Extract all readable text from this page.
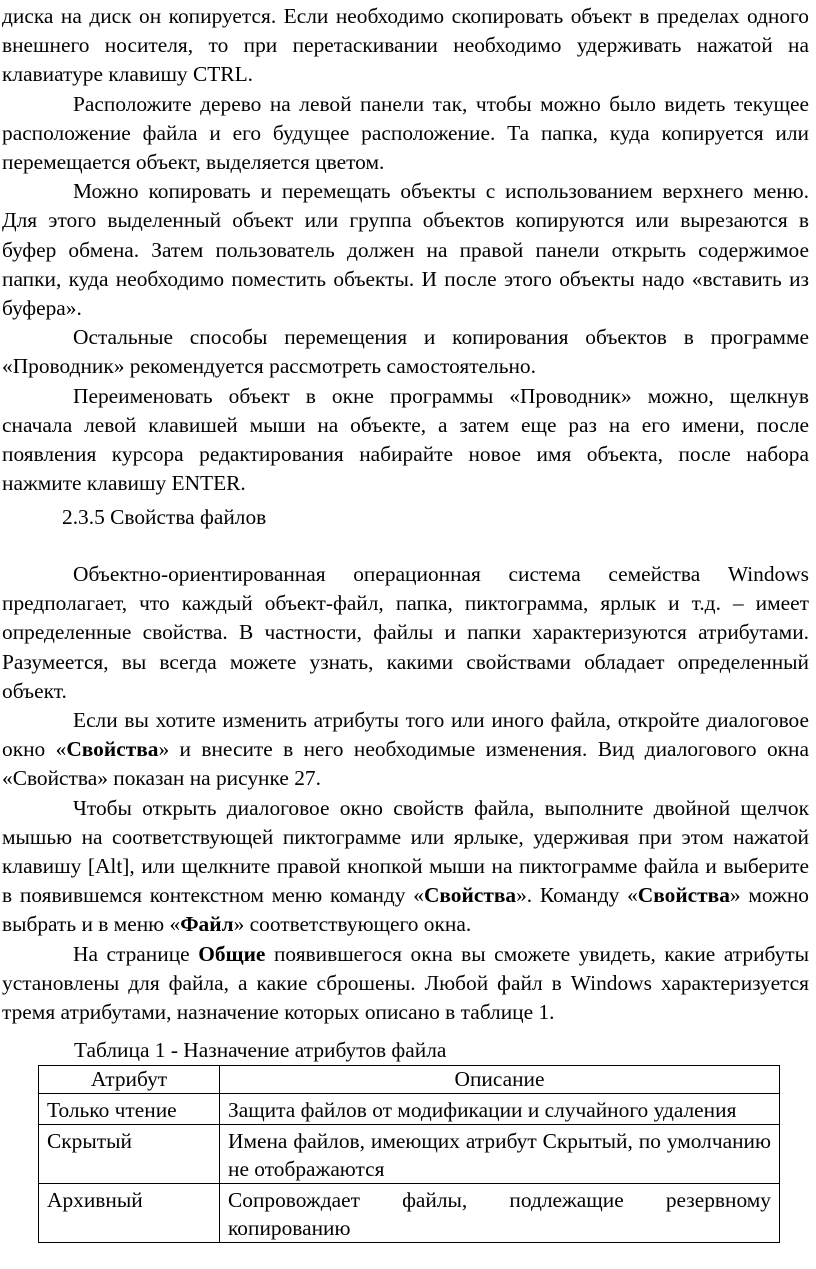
диска на диск он копируется. Если необходимо скопировать объект в пределах одного внешнего носителя, то при перетаскивании необходимо удерживать нажатой на клавиатуре клавишу CTRL.

Расположите дерево на левой панели так, чтобы можно было видеть текущее расположение файла и его будущее расположение. Та папка, куда копируется или перемещается объект, выделяется цветом.

Можно копировать и перемещать объекты с использованием верхнего меню. Для этого выделенный объект или группа объектов копируются или вырезаются в буфер обмена. Затем пользователь должен на правой панели открыть содержимое папки, куда необходимо поместить объекты. И после этого объекты надо «вставить из буфера».

Остальные способы перемещения и копирования объектов в программе «Проводник» рекомендуется рассмотреть самостоятельно.

Переименовать объект в окне программы «Проводник» можно, щелкнув сначала левой клавишей мыши на объекте, а затем еще раз на его имени, после появления курсора редактирования набирайте новое имя объекта, после набора нажмите клавишу ENTER.

2.3.5 Свойства файлов

Объектно-ориентированная операционная система семейства Windows предполагает, что каждый объект-файл, папка, пиктограмма, ярлык и т.д. – имеет определенные свойства. В частности, файлы и папки характеризуются атрибутами. Разумеется, вы всегда можете узнать, какими свойствами обладает определенный объект.

Если вы хотите изменить атрибуты того или иного файла, откройте диалоговое окно «Свойства» и внесите в него необходимые изменения. Вид диалогового окна «Свойства» показан на рисунке 27.

Чтобы открыть диалоговое окно свойств файла, выполните двойной щелчок мышью на соответствующей пиктограмме или ярлыке, удерживая при этом нажатой клавишу [Alt], или щелкните правой кнопкой мыши на пиктограмме файла и выберите в появившемся контекстном меню команду «Свойства». Команду «Свойства» можно выбрать и в меню «Файл» соответствующего окна.

На странице Общие появившегося окна вы сможете увидеть, какие атрибуты установлены для файла, а какие сброшены. Любой файл в Windows характеризуется тремя атрибутами, назначение которых описано в таблице 1.

Таблица 1 - Назначение атрибутов файла

Атрибут	Описание
Только чтение	Защита файлов от модификации и случайного удаления
Скрытый	Имена файлов, имеющих атрибут Скрытый, по умолчанию не отображаются
Архивный	Сопровождает файлы, подлежащие резервному копированию
